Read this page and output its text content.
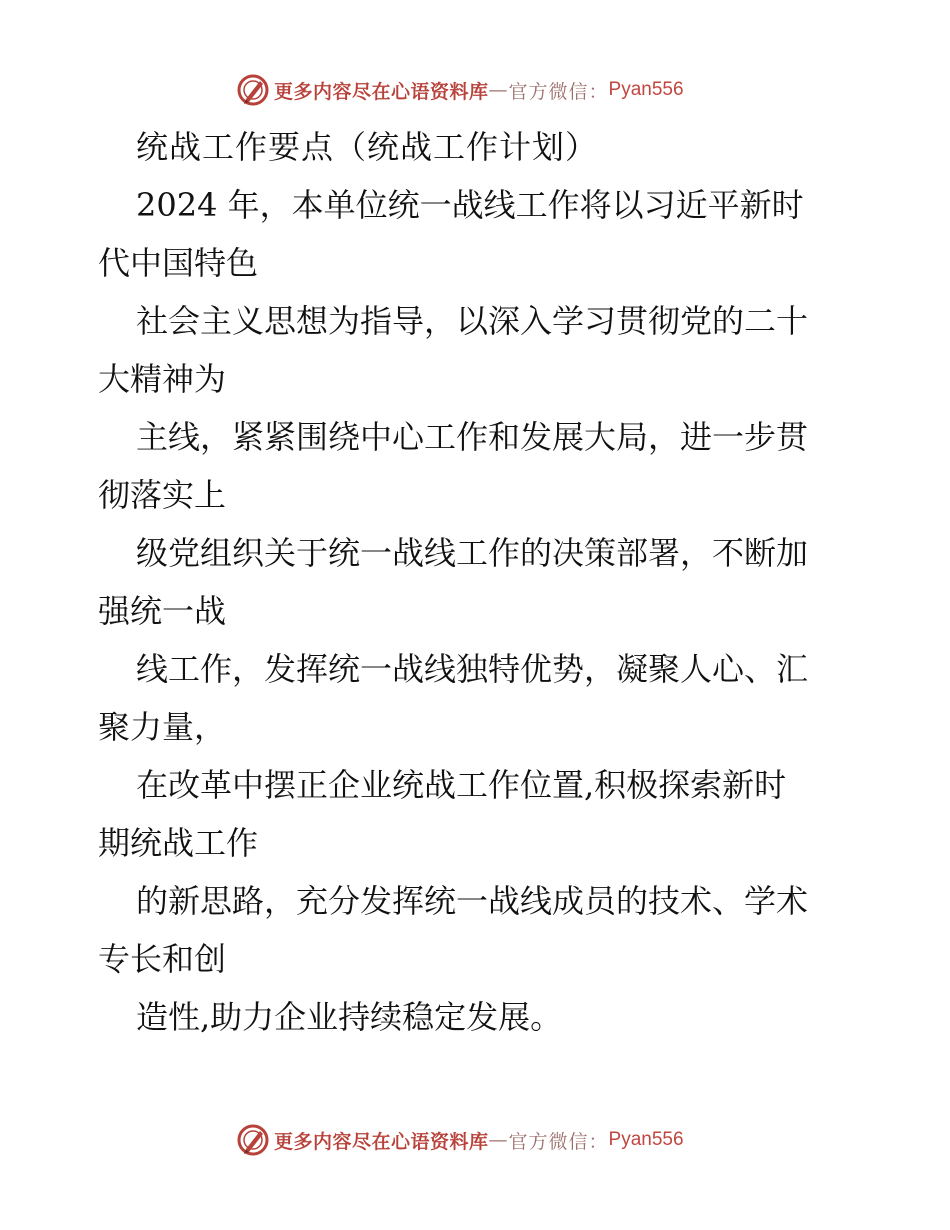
更多内容尽在心语资料库 — 官方微信： Pyan556
统战工作要点（统战工作计划）
2024 年，本单位统一战线工作将以习近平新时
代中国特色
社会主义思想为指导，以深入学习贯彻党的二十
大精神为
主线，紧紧围绕中心工作和发展大局，进一步贯
彻落实上
级党组织关于统一战线工作的决策部署，不断加
强统一战
线工作，发挥统一战线独特优势，凝聚人心、汇
聚力量，
在改革中摆正企业统战工作位置,积极探索新时
期统战工作
的新思路，充分发挥统一战线成员的技术、学术
专长和创
造性,助力企业持续稳定发展。
更多内容尽在心语资料库 — 官方微信： Pyan556
